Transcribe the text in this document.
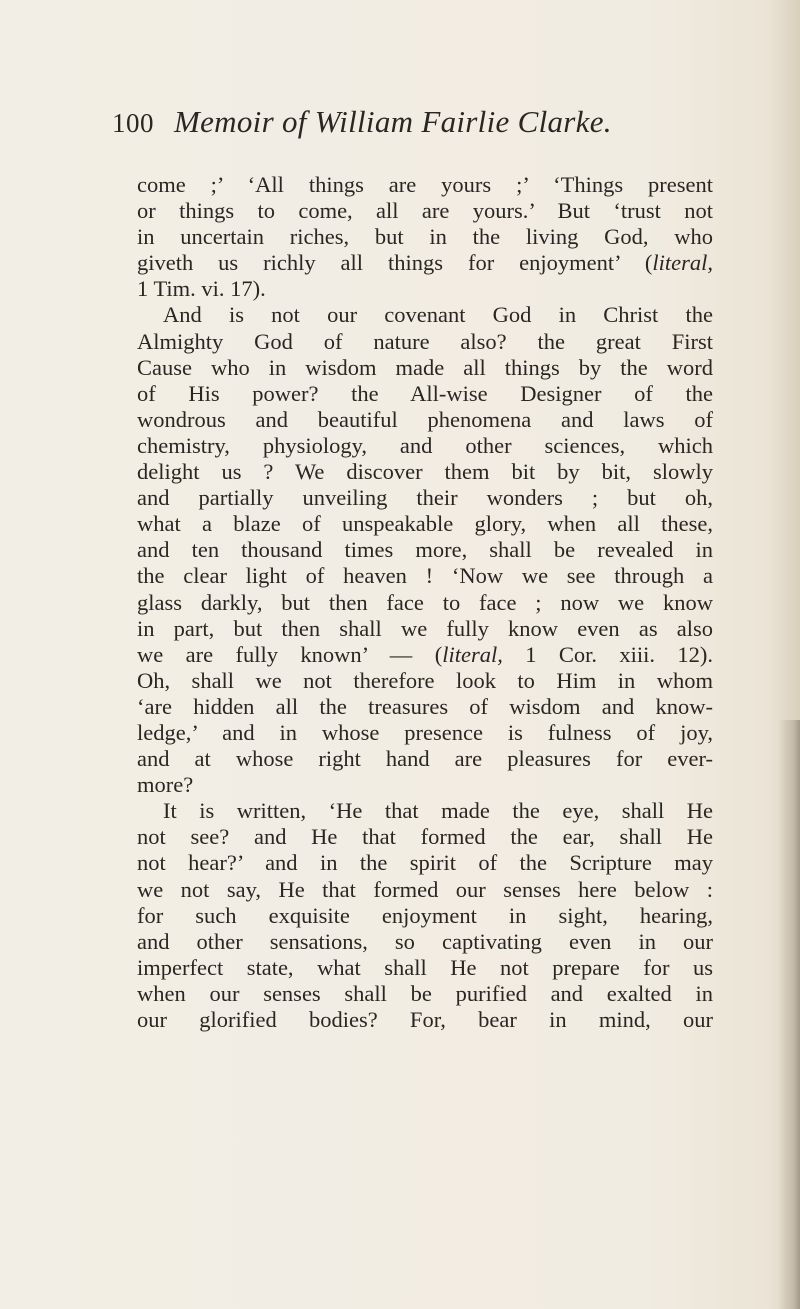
100 Memoir of William Fairlie Clarke.
come ;’ ‘All things are yours ;’ ‘Things present
or things to come, all are yours.’ But ‘trust not
in uncertain riches, but in the living God, who
giveth us richly all things for enjoyment’ (literal,
1 Tim. vi. 17).
And is not our covenant God in Christ the
Almighty God of nature also? the great First
Cause who in wisdom made all things by the word
of His power? the All-wise Designer of the
wondrous and beautiful phenomena and laws of
chemistry, physiology, and other sciences, which
delight us ? We discover them bit by bit, slowly
and partially unveiling their wonders ; but oh,
what a blaze of unspeakable glory, when all these,
and ten thousand times more, shall be revealed in
the clear light of heaven ! ‘Now we see through a
glass darkly, but then face to face ; now we know
in part, but then shall we fully know even as also
we are fully known’ — (literal, 1 Cor. xiii. 12).
Oh, shall we not therefore look to Him in whom
‘are hidden all the treasures of wisdom and know-
ledge,’ and in whose presence is fulness of joy,
and at whose right hand are pleasures for ever-
more?
It is written, ‘He that made the eye, shall He
not see? and He that formed the ear, shall He
not hear?’ and in the spirit of the Scripture may
we not say, He that formed our senses here below :
for such exquisite enjoyment in sight, hearing,
and other sensations, so captivating even in our
imperfect state, what shall He not prepare for us
when our senses shall be purified and exalted in
our glorified bodies? For, bear in mind, our
